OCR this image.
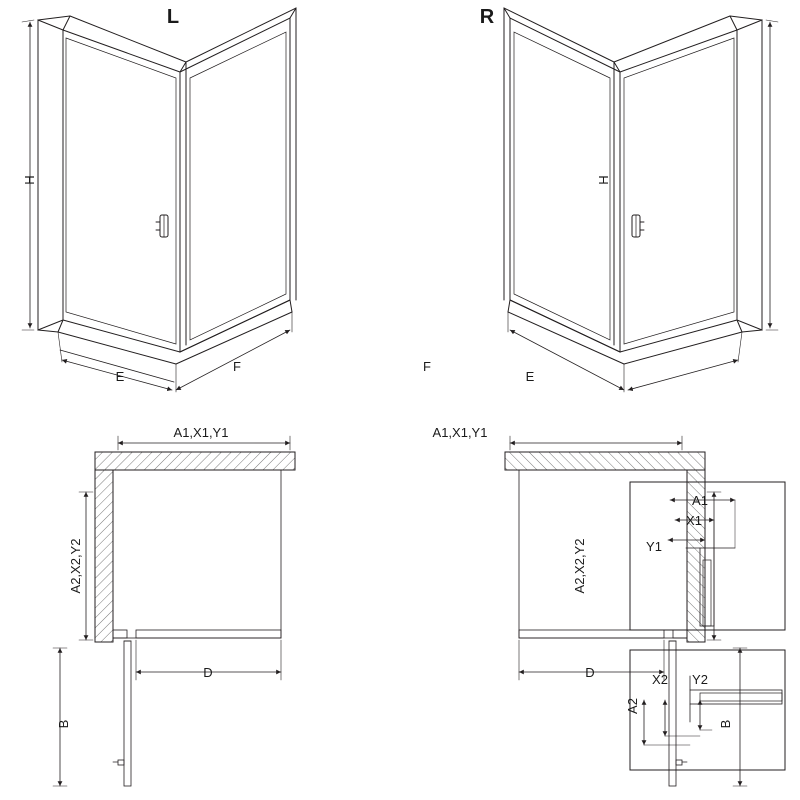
L	R
H	H
E
F	F
E
A1,X1,Y1	A1,X1,Y1
A2,X2,Y2	A2,X2,Y2
D	D
B	B
A1
X1
Y1
A2
X2 Y2
